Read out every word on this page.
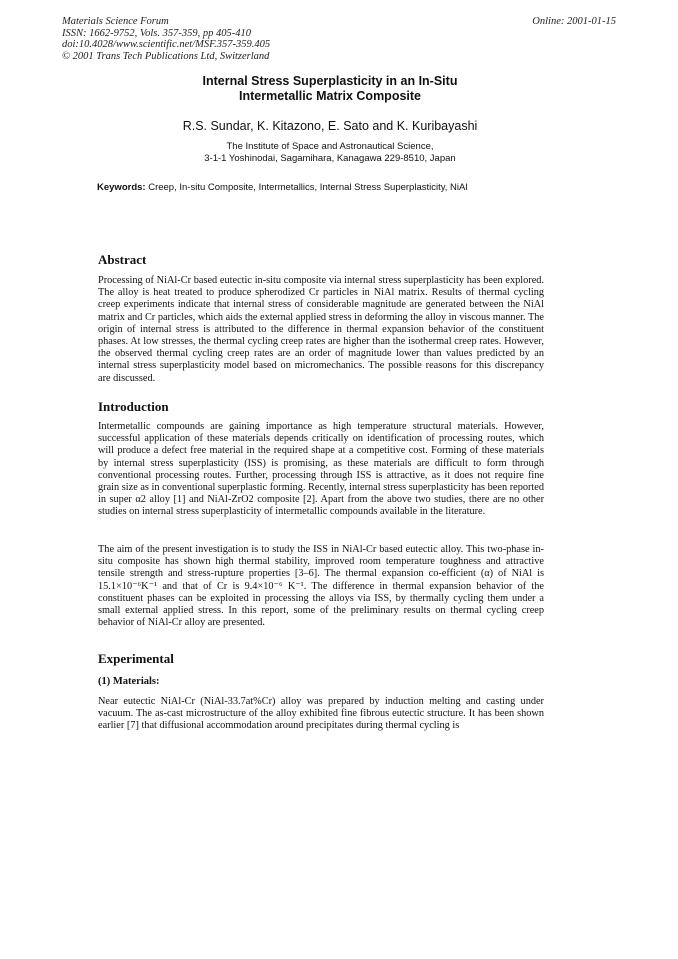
Materials Science Forum
ISSN: 1662-9752, Vols. 357-359, pp 405-410
doi:10.4028/www.scientific.net/MSF.357-359.405
© 2001 Trans Tech Publications Ltd, Switzerland
Online: 2001-01-15
Internal Stress Superplasticity in an In-Situ
Intermetallic Matrix Composite
R.S. Sundar, K. Kitazono, E. Sato and K. Kuribayashi
The Institute of Space and Astronautical Science,
3-1-1 Yoshinodai, Sagamihara, Kanagawa 229-8510, Japan
Keywords: Creep, In-situ Composite, Intermetallics, Internal Stress Superplasticity, NiAl
Abstract
Processing of NiAl-Cr based eutectic in-situ composite via internal stress superplasticity has been explored. The alloy is heat treated to produce spherodized Cr particles in NiAl matrix. Results of thermal cycling creep experiments indicate that internal stress of considerable magnitude are generated between the NiAl matrix and Cr particles, which aids the external applied stress in deforming the alloy in viscous manner. The origin of internal stress is attributed to the difference in thermal expansion behavior of the constituent phases. At low stresses, the thermal cycling creep rates are higher than the isothermal creep rates. However, the observed thermal cycling creep rates are an order of magnitude lower than values predicted by an internal stress superplasticity model based on micromechanics. The possible reasons for this discrepancy are discussed.
Introduction
Intermetallic compounds are gaining importance as high temperature structural materials. However, successful application of these materials depends critically on identification of processing routes, which will produce a defect free material in the required shape at a competitive cost. Forming of these materials by internal stress superplasticity (ISS) is promising, as these materials are difficult to form through conventional processing routes. Further, processing through ISS is attractive, as it does not require fine grain size as in conventional superplastic forming. Recently, internal stress superplasticity has been reported in super α2 alloy [1] and NiAl-ZrO2 composite [2]. Apart from the above two studies, there are no other studies on internal stress superplasticity of intermetallic compounds available in the literature.
The aim of the present investigation is to study the ISS in NiAl-Cr based eutectic alloy. This two-phase in-situ composite has shown high thermal stability, improved room temperature toughness and attractive tensile strength and stress-rupture properties [3–6]. The thermal expansion co-efficient (α) of NiAl is 15.1×10⁻⁶K⁻¹ and that of Cr is 9.4×10⁻⁶ K⁻¹. The difference in thermal expansion behavior of the constituent phases can be exploited in processing the alloys via ISS, by thermally cycling them under a small external applied stress. In this report, some of the preliminary results on thermal cycling creep behavior of NiAl-Cr alloy are presented.
Experimental
(1) Materials:
Near eutectic NiAl-Cr (NiAl-33.7at%Cr) alloy was prepared by induction melting and casting under vacuum. The as-cast microstructure of the alloy exhibited fine fibrous eutectic structure. It has been shown earlier [7] that diffusional accommodation around precipitates during thermal cycling is
